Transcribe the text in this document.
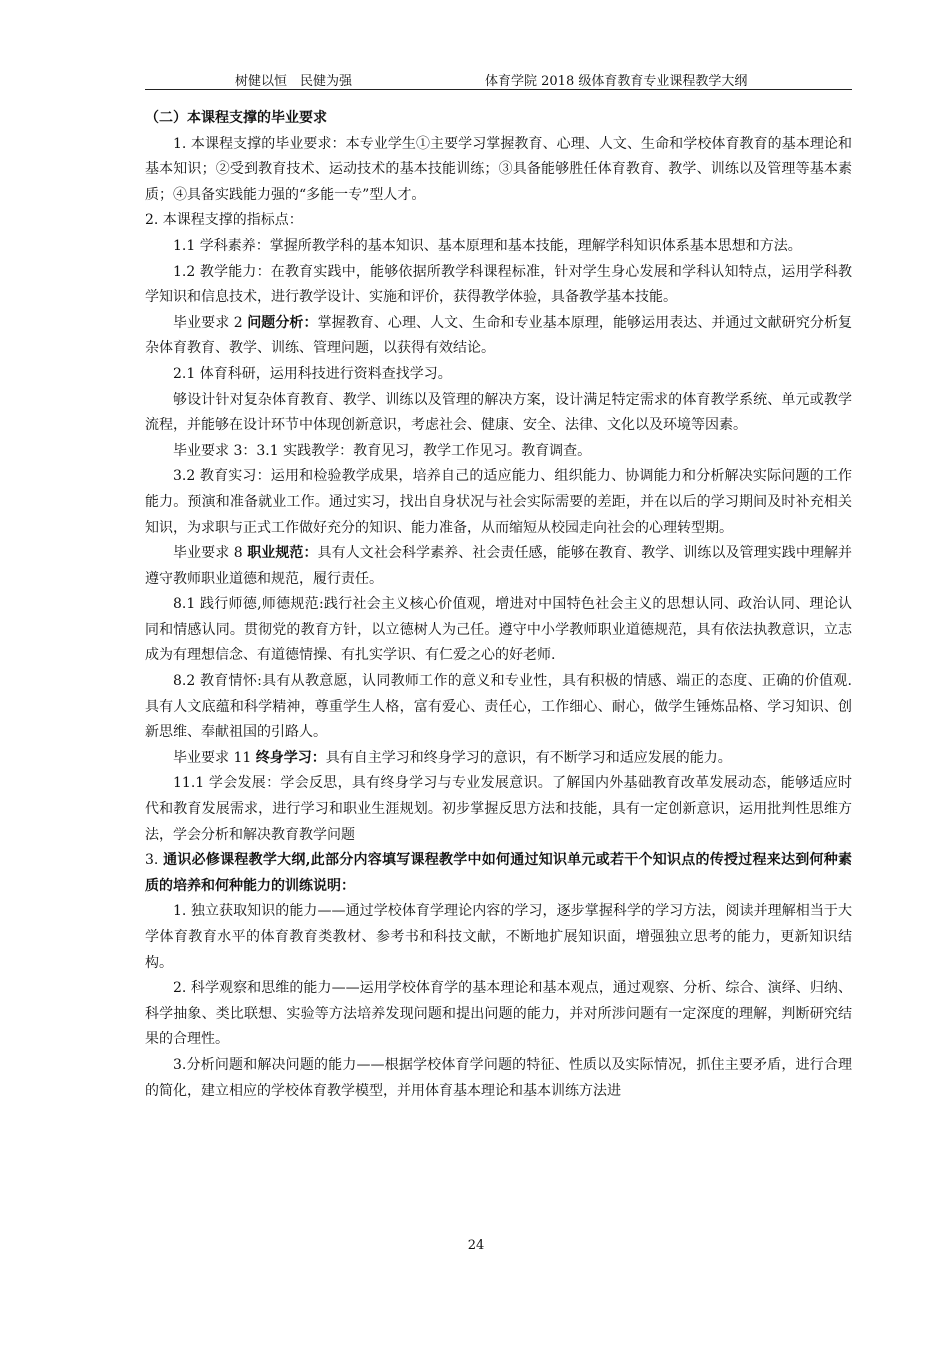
树健以恒　民健为强	体育学院 2018 级体育教育专业课程教学大纲

（二）本课程支撑的毕业要求

1. 本课程支撑的毕业要求：本专业学生①主要学习掌握教育、心理、人文、生命和学校体育教育的基本理论和基本知识；②受到教育技术、运动技术的基本技能训练；③具备能够胜任体育教育、教学、训练以及管理等基本素质；④具备实践能力强的“多能一专”型人才。

2. 本课程支撑的指标点：

1.1 学科素养：掌握所教学科的基本知识、基本原理和基本技能，理解学科知识体系基本思想和方法。

1.2 教学能力：在教育实践中，能够依据所教学科课程标准，针对学生身心发展和学科认知特点，运用学科教学知识和信息技术，进行教学设计、实施和评价，获得教学体验，具备教学基本技能。

毕业要求 2 问题分析：掌握教育、心理、人文、生命和专业基本原理，能够运用表达、并通过文献研究分析复杂体育教育、教学、训练、管理问题，以获得有效结论。

2.1 体育科研，运用科技进行资料查找学习。

够设计针对复杂体育教育、教学、训练以及管理的解决方案，设计满足特定需求的体育教学系统、单元或教学流程，并能够在设计环节中体现创新意识，考虑社会、健康、安全、法律、文化以及环境等因素。

毕业要求 3：3.1 实践教学：教育见习，教学工作见习。教育调查。

3.2 教育实习：运用和检验教学成果，培养自己的适应能力、组织能力、协调能力和分析解决实际问题的工作能力。预演和准备就业工作。通过实习，找出自身状况与社会实际需要的差距，并在以后的学习期间及时补充相关知识，为求职与正式工作做好充分的知识、能力准备，从而缩短从校园走向社会的心理转型期。

毕业要求 8 职业规范：具有人文社会科学素养、社会责任感，能够在教育、教学、训练以及管理实践中理解并遵守教师职业道德和规范，履行责任。

8.1 践行师德,师德规范:践行社会主义核心价值观，增进对中国特色社会主义的思想认同、政治认同、理论认同和情感认同。贯彻党的教育方针，以立德树人为己任。遵守中小学教师职业道德规范，具有依法执教意识，立志成为有理想信念、有道德情操、有扎实学识、有仁爱之心的好老师.

8.2 教育情怀:具有从教意愿，认同教师工作的意义和专业性，具有积极的情感、端正的态度、正确的价值观.具有人文底蕴和科学精神，尊重学生人格，富有爱心、责任心，工作细心、耐心，做学生锤炼品格、学习知识、创新思维、奉献祖国的引路人。

毕业要求 11 终身学习：具有自主学习和终身学习的意识，有不断学习和适应发展的能力。

11.1 学会发展：学会反思，具有终身学习与专业发展意识。了解国内外基础教育改革发展动态，能够适应时代和教育发展需求，进行学习和职业生涯规划。初步掌握反思方法和技能，具有一定创新意识，运用批判性思维方法，学会分析和解决教育教学问题

3. 通识必修课程教学大纲,此部分内容填写课程教学中如何通过知识单元或若干个知识点的传授过程来达到何种素质的培养和何种能力的训练说明：

1. 独立获取知识的能力——通过学校体育学理论内容的学习，逐步掌握科学的学习方法，阅读并理解相当于大学体育教育水平的体育教育类教材、参考书和科技文献，不断地扩展知识面，增强独立思考的能力，更新知识结构。

2. 科学观察和思维的能力——运用学校体育学的基本理论和基本观点，通过观察、分析、综合、演绎、归纳、科学抽象、类比联想、实验等方法培养发现问题和提出问题的能力，并对所涉问题有一定深度的理解，判断研究结果的合理性。

3.分析问题和解决问题的能力——根据学校体育学问题的特征、性质以及实际情况，抓住主要矛盾，进行合理的简化，建立相应的学校体育教学模型，并用体育基本理论和基本训练方法进

24
